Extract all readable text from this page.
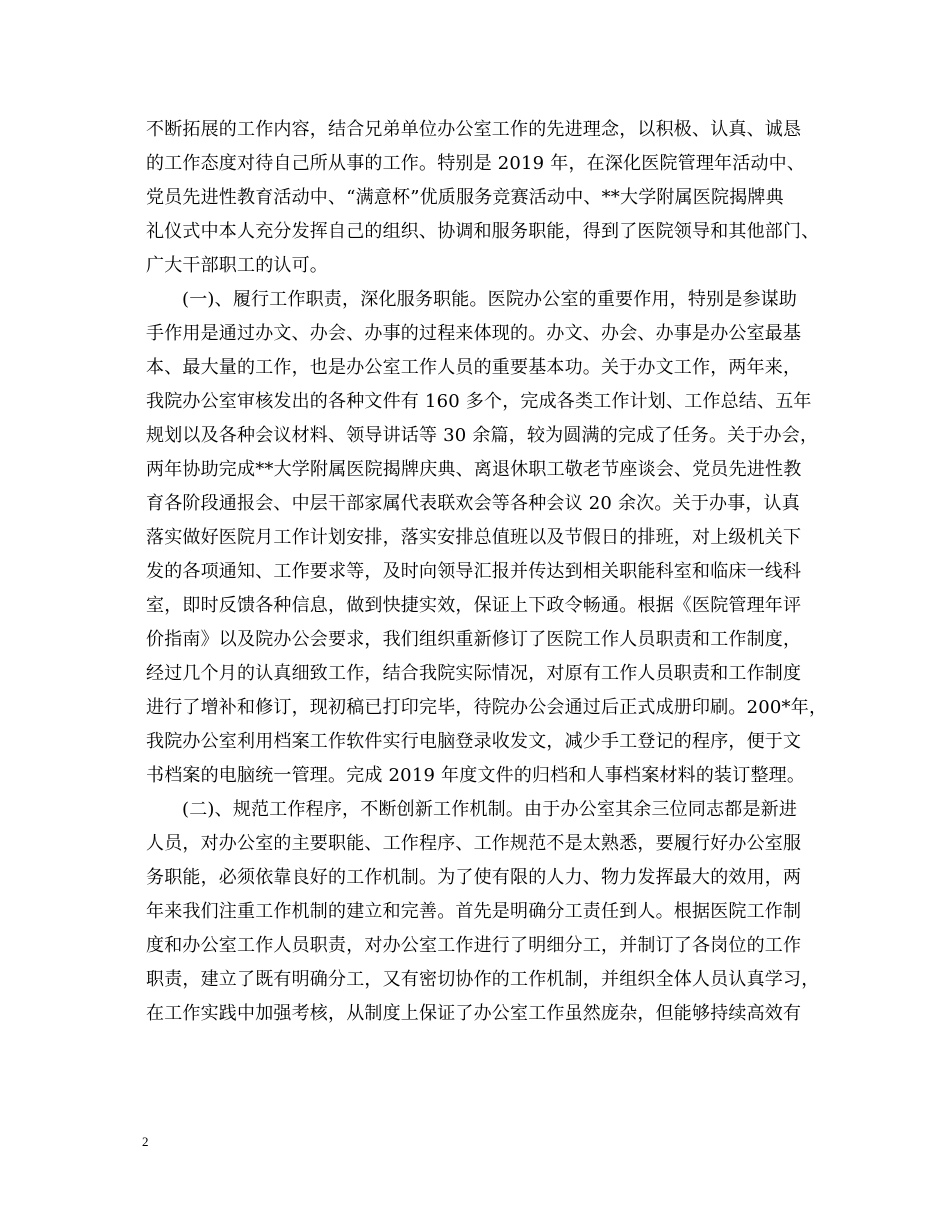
不断拓展的工作内容，结合兄弟单位办公室工作的先进理念，以积极、认真、诚恳
的工作态度对待自己所从事的工作。特别是 2019 年，在深化医院管理年活动中、
党员先进性教育活动中、“满意杯”优质服务竞赛活动中、**大学附属医院揭牌典
礼仪式中本人充分发挥自己的组织、协调和服务职能，得到了医院领导和其他部门、
广大干部职工的认可。
(一)、履行工作职责，深化服务职能。医院办公室的重要作用，特别是参谋助
手作用是通过办文、办会、办事的过程来体现的。办文、办会、办事是办公室最基
本、最大量的工作，也是办公室工作人员的重要基本功。关于办文工作，两年来，
我院办公室审核发出的各种文件有 160 多个，完成各类工作计划、工作总结、五年
规划以及各种会议材料、领导讲话等 30 余篇，较为圆满的完成了任务。关于办会，
两年协助完成**大学附属医院揭牌庆典、离退休职工敬老节座谈会、党员先进性教
育各阶段通报会、中层干部家属代表联欢会等各种会议 20 余次。关于办事，认真
落实做好医院月工作计划安排，落实安排总值班以及节假日的排班，对上级机关下
发的各项通知、工作要求等，及时向领导汇报并传达到相关职能科室和临床一线科
室，即时反馈各种信息，做到快捷实效，保证上下政令畅通。根据《医院管理年评
价指南》以及院办公会要求，我们组织重新修订了医院工作人员职责和工作制度，
经过几个月的认真细致工作，结合我院实际情况，对原有工作人员职责和工作制度
进行了增补和修订，现初稿已打印完毕，待院办公会通过后正式成册印刷。200*年，
我院办公室利用档案工作软件实行电脑登录收发文，减少手工登记的程序，便于文
书档案的电脑统一管理。完成 2019 年度文件的归档和人事档案材料的装订整理。
(二)、规范工作程序，不断创新工作机制。由于办公室其余三位同志都是新进
人员，对办公室的主要职能、工作程序、工作规范不是太熟悉，要履行好办公室服
务职能，必须依靠良好的工作机制。为了使有限的人力、物力发挥最大的效用，两
年来我们注重工作机制的建立和完善。首先是明确分工责任到人。根据医院工作制
度和办公室工作人员职责，对办公室工作进行了明细分工，并制订了各岗位的工作
职责，建立了既有明确分工，又有密切协作的工作机制，并组织全体人员认真学习，
在工作实践中加强考核，从制度上保证了办公室工作虽然庞杂，但能够持续高效有
2
